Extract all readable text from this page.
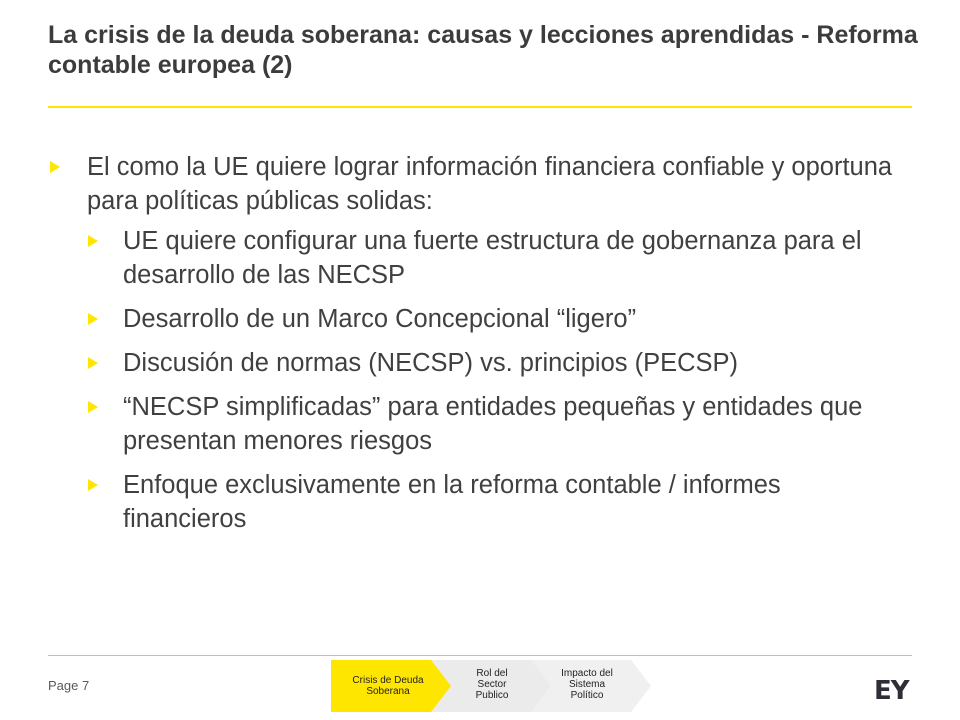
La crisis de la deuda soberana: causas y lecciones aprendidas - Reforma contable europea (2)
El como la UE quiere lograr información financiera confiable y oportuna para políticas públicas solidas:
UE quiere configurar una fuerte estructura de gobernanza para el desarrollo de las NECSP
Desarrollo de un Marco Concepcional “ligero”
Discusión de normas (NECSP) vs. principios (PECSP)
“NECSP simplificadas” para entidades pequeñas y entidades que presentan menores riesgos
Enfoque exclusivamente en la reforma contable / informes financieros
Page 7	Crisis de Deuda Soberana
Rol del Sector Publico
Impacto del Sistema Político	EY
